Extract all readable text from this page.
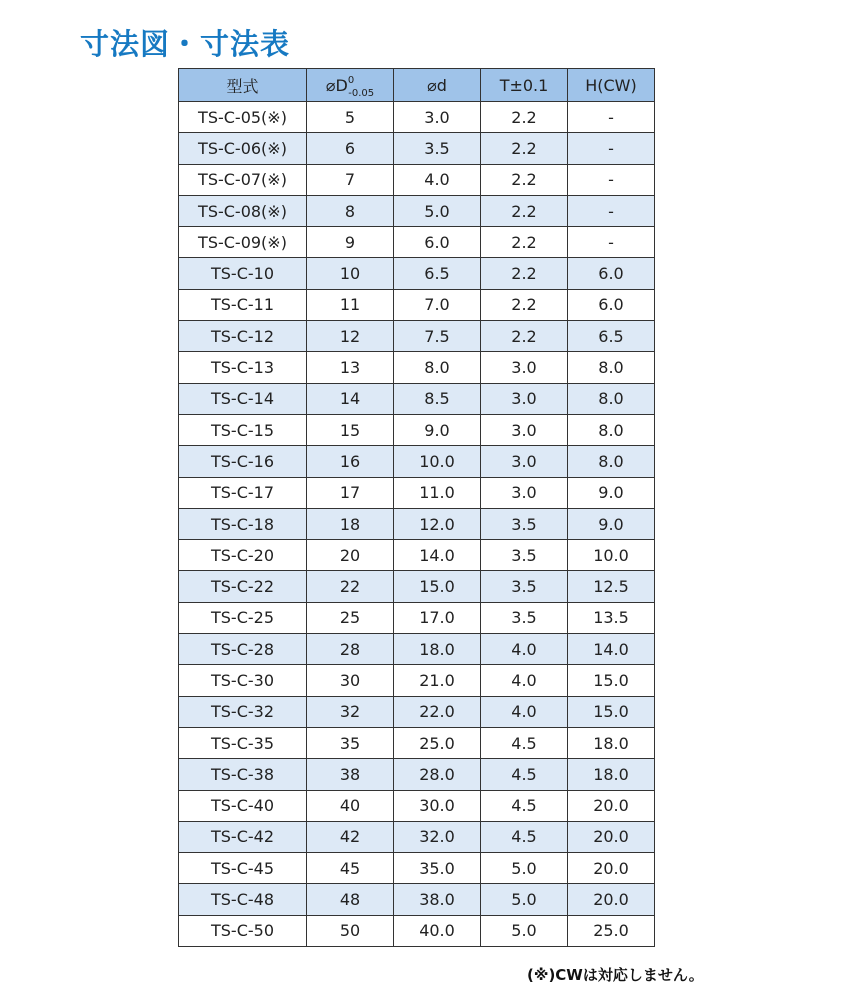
寸法図・寸法表
型式	$⌀D^0_{-0.05}$	⌀d	T±0.1	H(CW)
TS-C-05(※)	5	3.0	2.2	-
TS-C-06(※)	6	3.5	2.2	-
TS-C-07(※)	7	4.0	2.2	-
TS-C-08(※)	8	5.0	2.2	-
TS-C-09(※)	9	6.0	2.2	-
TS-C-10	10	6.5	2.2	6.0
TS-C-11	11	7.0	2.2	6.0
TS-C-12	12	7.5	2.2	6.5
TS-C-13	13	8.0	3.0	8.0
TS-C-14	14	8.5	3.0	8.0
TS-C-15	15	9.0	3.0	8.0
TS-C-16	16	10.0	3.0	8.0
TS-C-17	17	11.0	3.0	9.0
TS-C-18	18	12.0	3.5	9.0
TS-C-20	20	14.0	3.5	10.0
TS-C-22	22	15.0	3.5	12.5
TS-C-25	25	17.0	3.5	13.5
TS-C-28	28	18.0	4.0	14.0
TS-C-30	30	21.0	4.0	15.0
TS-C-32	32	22.0	4.0	15.0
TS-C-35	35	25.0	4.5	18.0
TS-C-38	38	28.0	4.5	18.0
TS-C-40	40	30.0	4.5	20.0
TS-C-42	42	32.0	4.5	20.0
TS-C-45	45	35.0	5.0	20.0
TS-C-48	48	38.0	5.0	20.0
TS-C-50	50	40.0	5.0	25.0
(※)CWは対応しません。
